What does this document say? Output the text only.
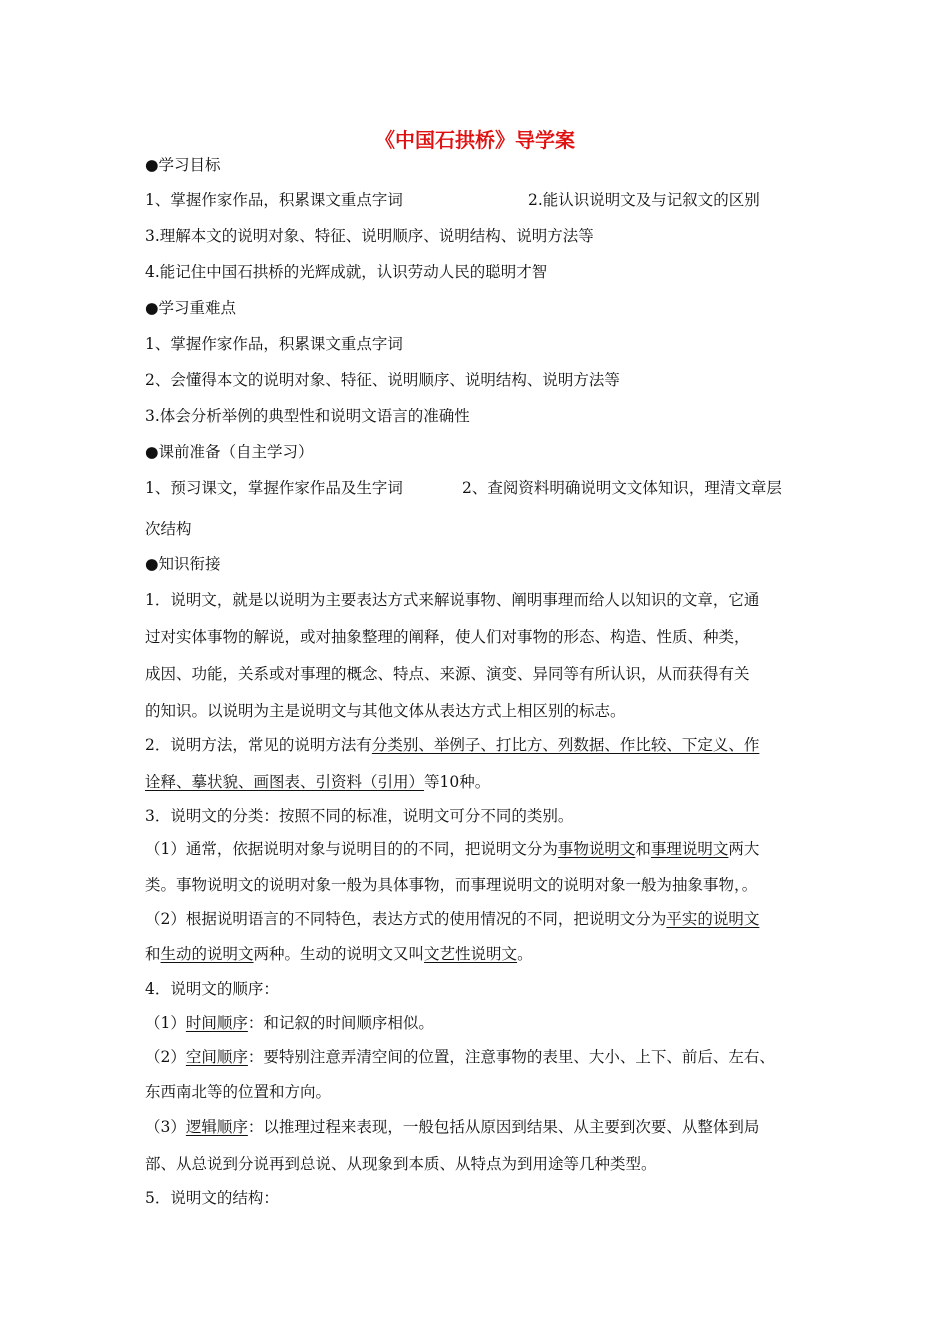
《中国石拱桥》导学案
●学习目标
1、掌握作家作品，积累课文重点字词	2.能认识说明文及与记叙文的区别
3.理解本文的说明对象、特征、说明顺序、说明结构、说明方法等
4.能记住中国石拱桥的光辉成就，认识劳动人民的聪明才智
●学习重难点
1、掌握作家作品，积累课文重点字词
2、会懂得本文的说明对象、特征、说明顺序、说明结构、说明方法等
3.体会分析举例的典型性和说明文语言的准确性
●课前准备（自主学习）
1、预习课文，掌握作家作品及生字词	2、查阅资料明确说明文文体知识，理清文章层
次结构
●知识衔接
1．说明文，就是以说明为主要表达方式来解说事物、阐明事理而给人以知识的文章，它通
过对实体事物的解说，或对抽象整理的阐释，使人们对事物的形态、构造、性质、种类，
成因、功能，关系或对事理的概念、特点、来源、演变、异同等有所认识，从而获得有关
的知识。以说明为主是说明文与其他文体从表达方式上相区别的标志。
2．说明方法，常见的说明方法有分类别、举例子、打比方、列数据、作比较、下定义、作
诠释、摹状貌、画图表、引资料（引用）等10种。
3．说明文的分类：按照不同的标准，说明文可分不同的类别。
（1）通常，依据说明对象与说明目的的不同，把说明文分为事物说明文和事理说明文两大
类。事物说明文的说明对象一般为具体事物，而事理说明文的说明对象一般为抽象事物，。
（2）根据说明语言的不同特色，表达方式的使用情况的不同，把说明文分为平实的说明文
和生动的说明文两种。生动的说明文又叫文艺性说明文。
4．说明文的顺序：
（1）时间顺序：和记叙的时间顺序相似。
（2）空间顺序：要特别注意弄清空间的位置，注意事物的表里、大小、上下、前后、左右、
东西南北等的位置和方向。
（3）逻辑顺序：以推理过程来表现，一般包括从原因到结果、从主要到次要、从整体到局
部、从总说到分说再到总说、从现象到本质、从特点为到用途等几种类型。
5．说明文的结构：
